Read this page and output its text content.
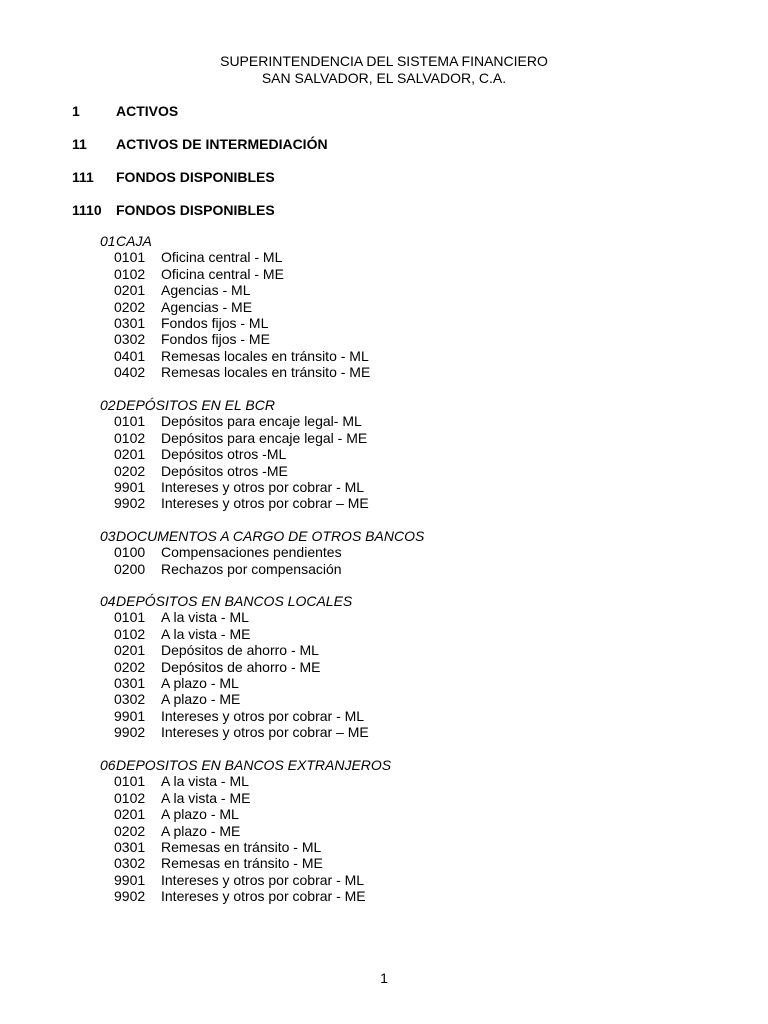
SUPERINTENDENCIA DEL SISTEMA FINANCIERO
SAN SALVADOR, EL SALVADOR, C.A.
1	ACTIVOS
11 ACTIVOS DE INTERMEDIACIÓN
111 FONDOS DISPONIBLES
1110 FONDOS DISPONIBLES
01CAJA
0101 Oficina central - ML
0102 Oficina central - ME
0201 Agencias - ML
0202 Agencias - ME
0301 Fondos fijos - ML
0302 Fondos fijos - ME
0401 Remesas locales en tránsito - ML
0402 Remesas locales en tránsito - ME
02DEPÓSITOS EN EL BCR
0101 Depósitos para encaje legal- ML
0102 Depósitos para encaje legal - ME
0201 Depósitos otros -ML
0202 Depósitos otros -ME
9901 Intereses y otros por cobrar - ML
9902 Intereses y otros por cobrar – ME
03DOCUMENTOS A CARGO DE OTROS BANCOS
0100 Compensaciones pendientes
0200 Rechazos por compensación
04DEPÓSITOS EN BANCOS LOCALES
0101 A la vista - ML
0102 A la vista - ME
0201 Depósitos de ahorro - ML
0202 Depósitos de ahorro - ME
0301 A plazo - ML
0302 A plazo - ME
9901 Intereses y otros por cobrar - ML
9902 Intereses y otros por cobrar – ME
06DEPOSITOS EN BANCOS EXTRANJEROS
0101 A la vista - ML
0102 A la vista - ME
0201 A plazo - ML
0202 A plazo - ME
0301 Remesas en tránsito - ML
0302 Remesas en tránsito - ME
9901 Intereses y otros por cobrar - ML
9902 Intereses y otros por cobrar - ME
1
